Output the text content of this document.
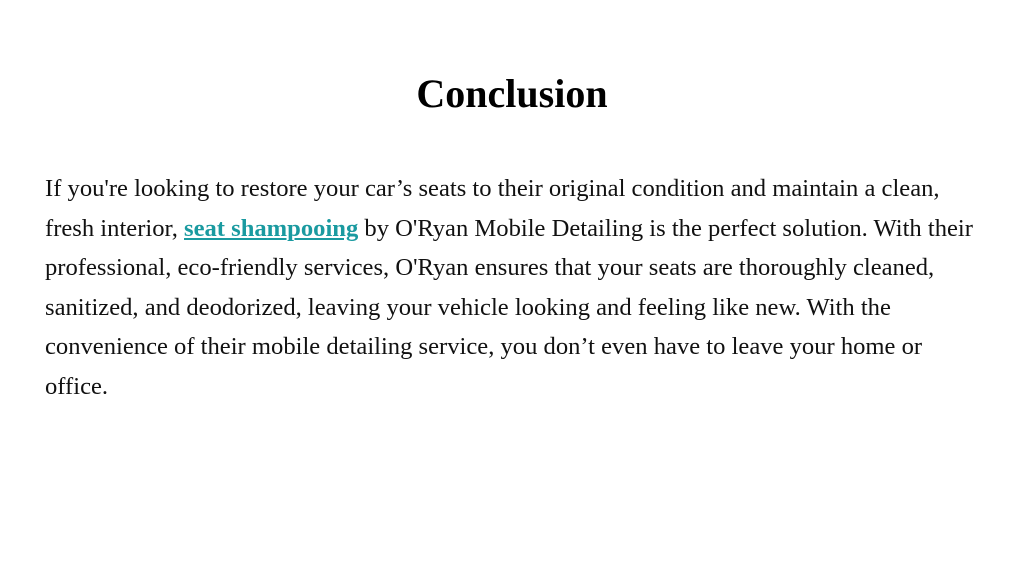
Conclusion

If you're looking to restore your car’s seats to their original condition and maintain a clean, fresh interior, seat shampooing by O'Ryan Mobile Detailing is the perfect solution. With their professional, eco-friendly services, O'Ryan ensures that your seats are thoroughly cleaned, sanitized, and deodorized, leaving your vehicle looking and feeling like new. With the convenience of their mobile detailing service, you don’t even have to leave your home or office.
